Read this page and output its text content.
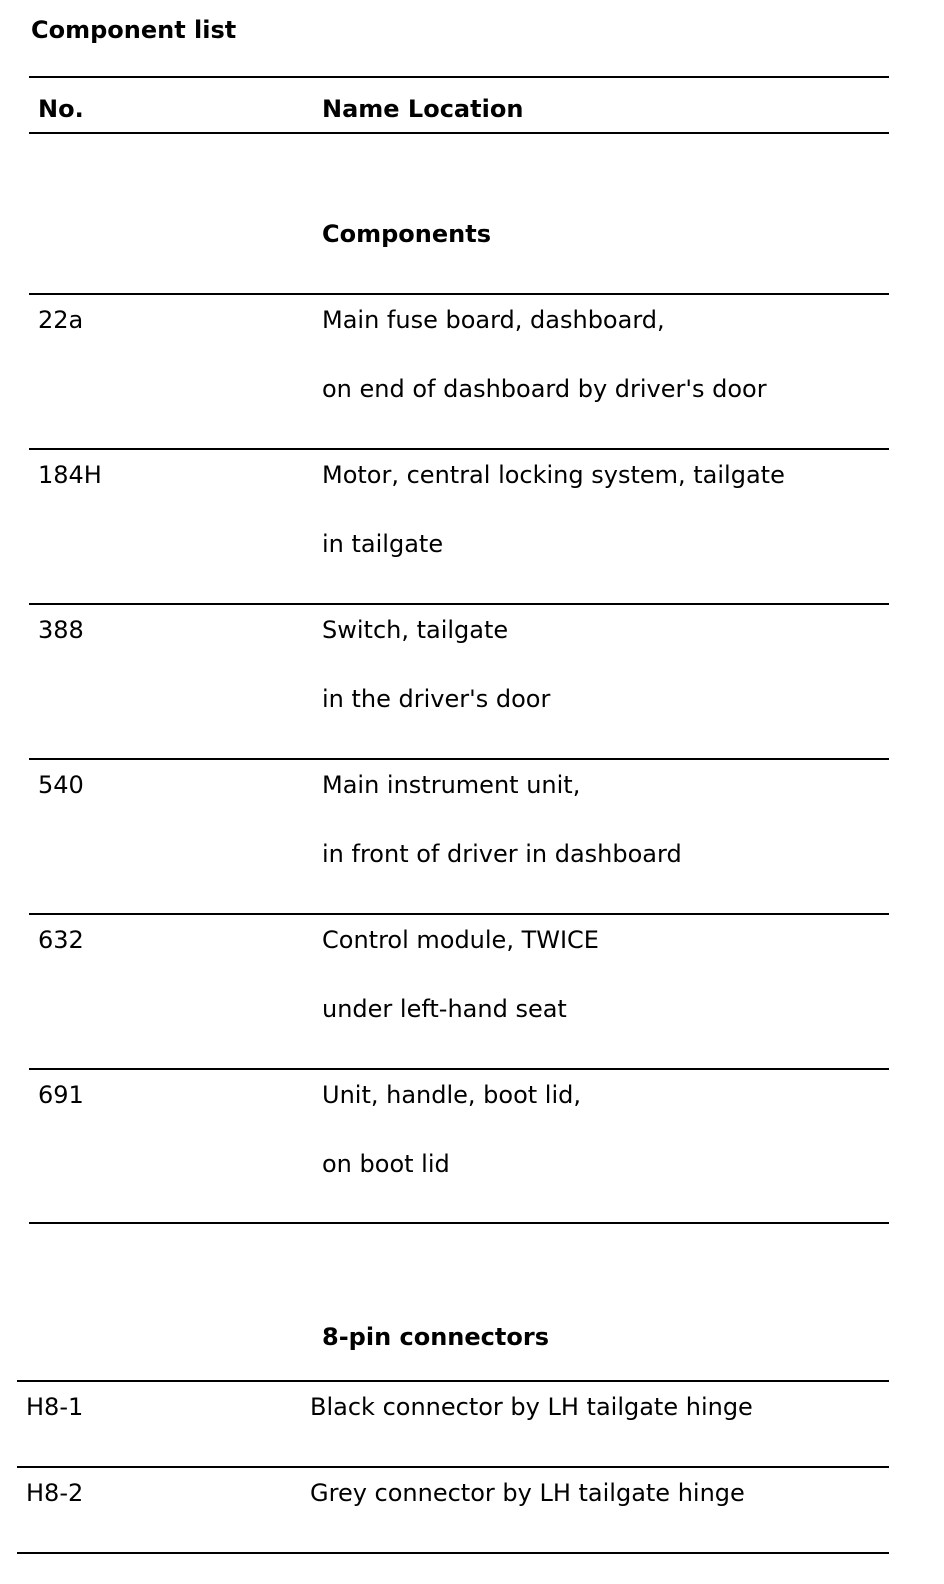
Component list
No.	Name Location
Components
22a	Main fuse board, dashboard,
on end of dashboard by driver's door
184H	Motor, central locking system, tailgate
in tailgate
388	Switch, tailgate
in the driver's door
540	Main instrument unit,
in front of driver in dashboard
632	Control module, TWICE
under left-hand seat
691	Unit, handle, boot lid,
on boot lid
8-pin connectors
H8-1	Black connector by LH tailgate hinge
H8-2	Grey connector by LH tailgate hinge
